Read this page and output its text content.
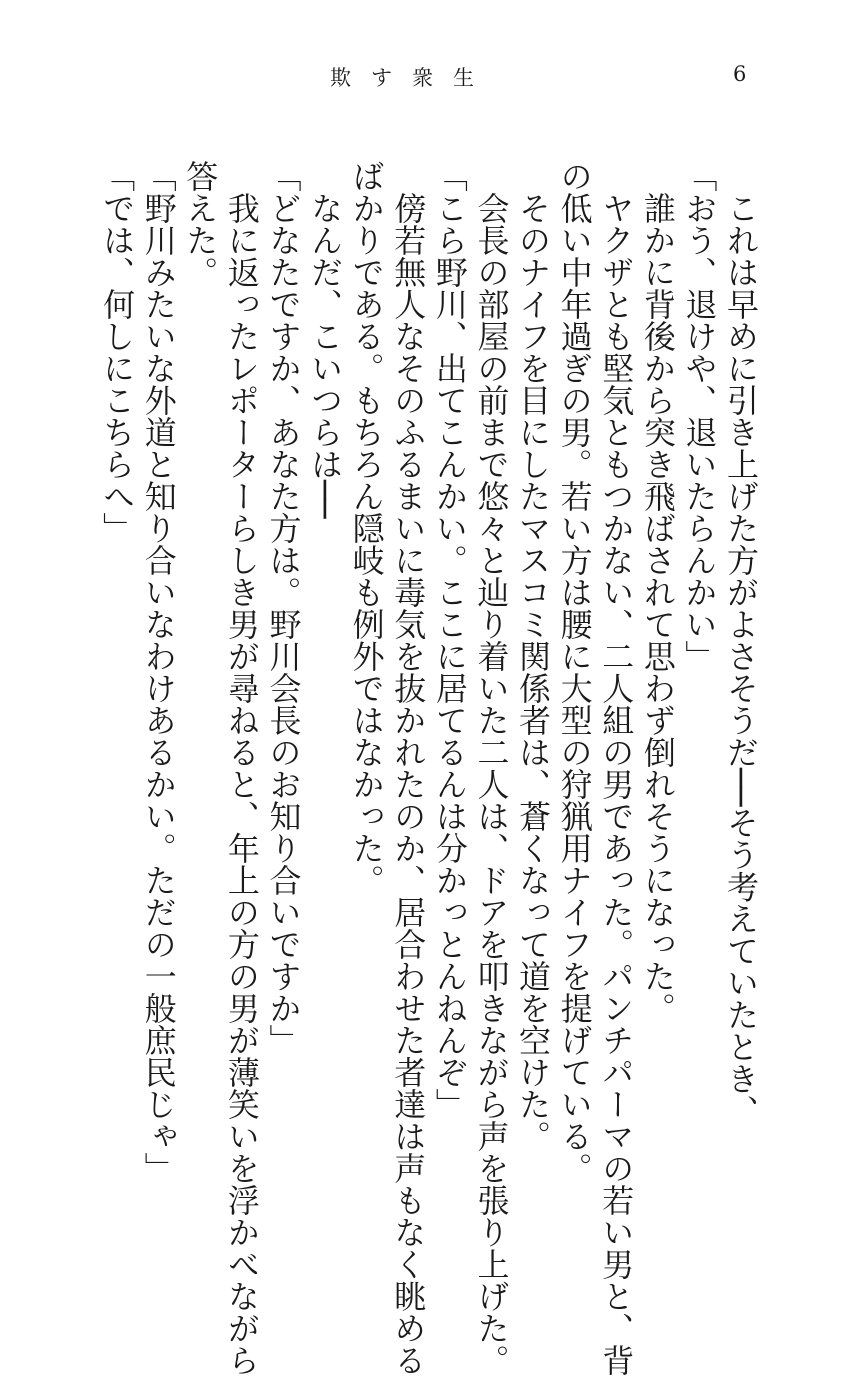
欺す衆生	6
　これは早めに引き上げた方がよさそうだ──そう考えていたとき、
「おう、退けや、退いたらんかい」
　誰かに背後から突き飛ばされて思わず倒れそうになった。
　ヤクザとも堅気ともつかない、二人組の男であった。パンチパーマの若い男と、背
の低い中年過ぎの男。若い方は腰に大型の狩猟用ナイフを提げている。
　そのナイフを目にしたマスコミ関係者は、蒼くなって道を空けた。
　会長の部屋の前まで悠々と辿り着いた二人は、ドアを叩きながら声を張り上げた。
「こら野川、出てこんかい。ここに居てるんは分かっとんねんぞ」
　傍若無人なそのふるまいに毒気を抜かれたのか、居合わせた者達は声もなく眺める
ばかりである。もちろん隠岐も例外ではなかった。
　なんだ、こいつらは──
「どなたですか、あなた方は。野川会長のお知り合いですか」
　我に返ったレポーターらしき男が尋ねると、年上の方の男が薄笑いを浮かべながら
答えた。
「野川みたいな外道と知り合いなわけあるかい。ただの一般庶民じゃ」
「では、何しにこちらへ」
